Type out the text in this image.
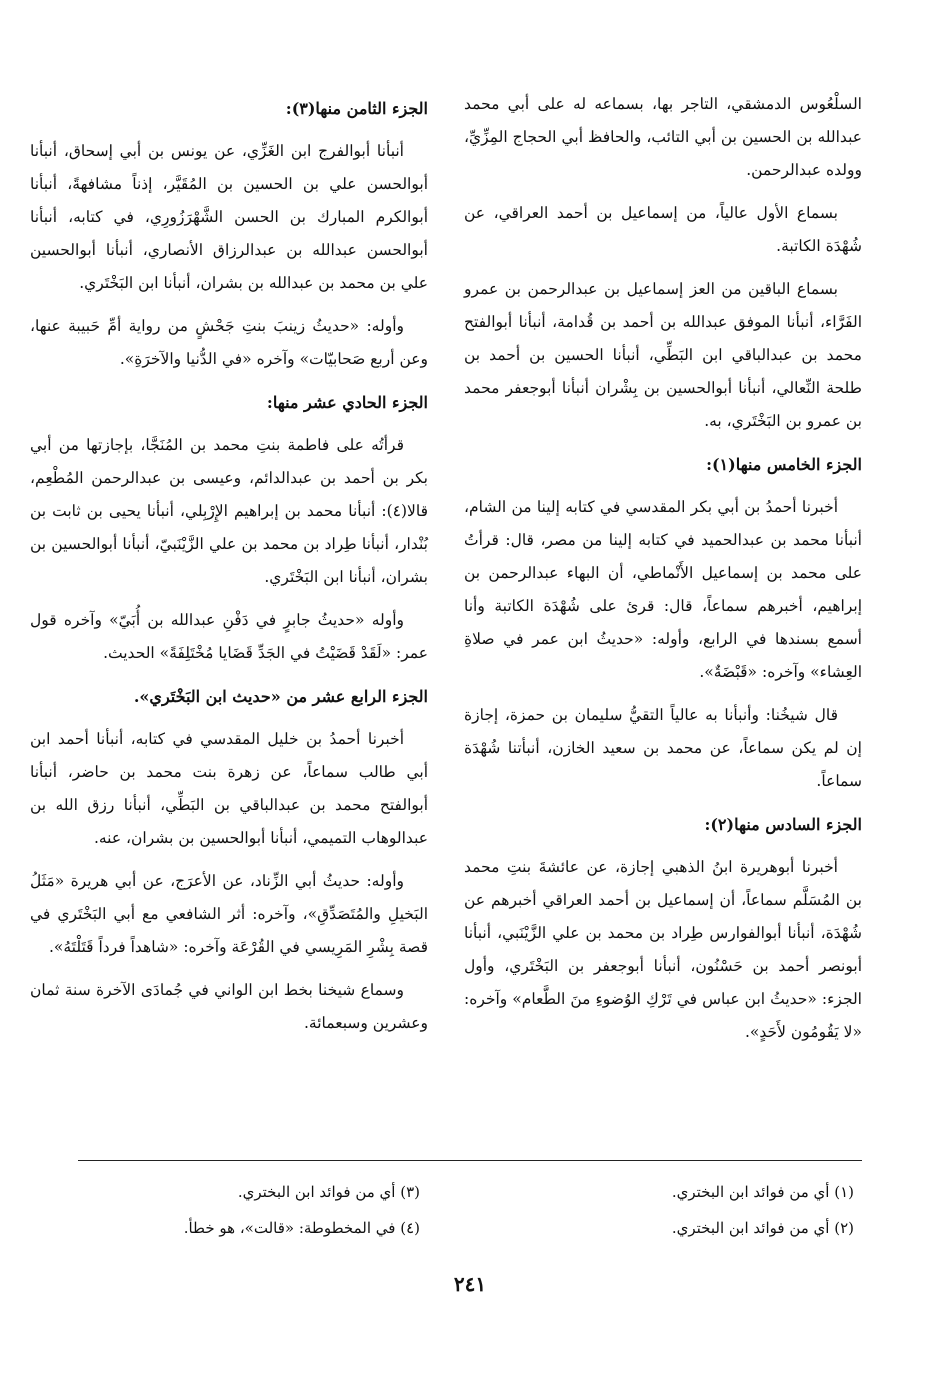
السلْعُوس الدمشقي، التاجر بها، بسماعه له على أبي محمد عبدالله بن الحسين بن أبي التائب، والحافظ أبي الحجاج المِزِّيِّ، وولده عبدالرحمن.

بسماع الأول عالياً، من إسماعيل بن أحمد العراقي، عن شُهْدَة الكاتبة.

بسماع الباقين من العز إسماعيل بن عبدالرحمن بن عمرو الفَرَّاء، أنبأنا الموفق عبدالله بن أحمد بن قُدامة، أنبأنا أبوالفتح محمد بن عبدالباقي ابن البَطِّي، أنبأنا الحسين بن أحمد بن طلحة النِّعالي، أنبأنا أبوالحسين بن بِشْران أنبأنا أبوجعفر محمد بن عمرو بن البَخْتَري، به.

الجزء الخامس منها(١):

أخبرنا أحمدُ بن أبي بكر المقدسي في كتابه إلينا من الشام، أنبأنا محمد بن عبدالحميد في كتابه إلينا من مصر، قال: قرأتُ على محمد بن إسماعيل الأَنْماطي، أن البهاء عبدالرحمن بن إبراهيم، أخبرهم سماعاً، قال: قرئ على شُهْدَة الكاتبة وأنا أسمع بسندها في الرابع، وأوله: «حديثُ ابن عمر في صلاةِ العِشاء» وآخره: «قَبْضَةٌ».

قال شيخُنا: وأنبأنا به عالياً التقيُّ سليمان بن حمزة، إجازة إن لم يكن سماعاً، عن محمد بن سعيد الخازن، أنبأتنا شُهْدَة سماعاً.

الجزء السادس منها(٢):

أخبرنا أبوهريرة ابنُ الذهبي إجازة، عن عائشةَ بنتِ محمد بن المُسَلَّم سماعاً، أن إسماعيل بن أحمد العراقي أخبرهم عن شُهْدَة، أنبأنا أبوالفوارس طِراد بن محمد بن علي الزَّيْنَبي، أنبأنا أبونصر أحمد بن حَسْنُون، أنبأنا أبوجعفر بن البَخْتَري، وأول الجزء: «حديثُ ابن عباس في تَرْكِ الوُضوءِ منَ الطَّعام» وآخره: «لا يَقُومُون لأَحَدٍ».

الجزء الثامن منها(٣):

أنبأنا أبوالفرج ابن الغَزِّي، عن يونس بن أبي إسحاق، أنبأنا أبوالحسن علي بن الحسين بن المُقَيَّر، إذناً مشافهةً، أنبأنا أبوالكرم المبارك بن الحسن الشَّهْرَزُورِي، في كتابه، أنبأنا أبوالحسن عبدالله بن عبدالرزاق الأنصاري، أنبأنا أبوالحسين علي بن محمد بن عبدالله بن بشران، أنبأنا ابن البَخْتَري.

وأوله: «حديثُ زينبَ بنتِ جَحْشٍ من رواية أمِّ حَبيبة عنها، وعن أربع صَحابيّات» وآخره «في الدُّنيا والآخرَةِ».

الجزء الحادي عشر منها:

قرأتُه على فاطمة بنتِ محمد بن المُنَجَّا، بإجازتها من أبي بكر بن أحمد بن عبدالدائم، وعيسى بن عبدالرحمن المُطْعِم، قالا(٤): أنبأنا محمد بن إبراهيم الإِرْبِلي، أنبأنا يحيى بن ثابت بن بُنْدار، أنبأنا طِراد بن محمد بن علي الزَّيْنَبيّ، أنبأنا أبوالحسين بن بشران، أنبأنا ابن البَخْتَري.

وأوله «حديثُ جابرٍ في دَفْنِ عبدالله بن أُبَيّ» وآخره قول عمر: «لَقَدْ قَضَيْتُ في الجَدِّ قَضَايا مُخْتَلِفَةً» الحديث.

الجزء الرابع عشر من «حديث ابن البَخْتَري».

أخبرنا أحمدُ بن خليل المقدسي في كتابه، أنبأنا أحمد ابن أبي طالب سماعاً، عن زهرة بنت محمد بن حاضر، أنبأنا أبوالفتح محمد بن عبدالباقي بن البَطِّي، أنبأنا رزق الله بن عبدالوهاب التميمي، أنبأنا أبوالحسين بن بشران، عنه.

وأوله: حديثُ أبي الزِّناد، عن الأعرَج، عن أبي هريرة «مَثَلُ البَخيلِ والمُتَصَدِّقِ»، وآخره: أثر الشافعي مع أبي البَخْتَري في قصة بِشْرِ المَرِيسي في القُرْعَة وآخره: «شاهداً فرداً قَتَلْتَهُ».

وسماع شيخنا بخط ابن الواني في جُمادَى الآخرة سنة ثمان وعشرين وسبعمائة.

(١) أي من فوائد ابن البختري.
(٢) أي من فوائد ابن البختري.
(٣) أي من فوائد ابن البختري.
(٤) في المخطوطة: «قالت»، هو خطأ.
٢٤١
